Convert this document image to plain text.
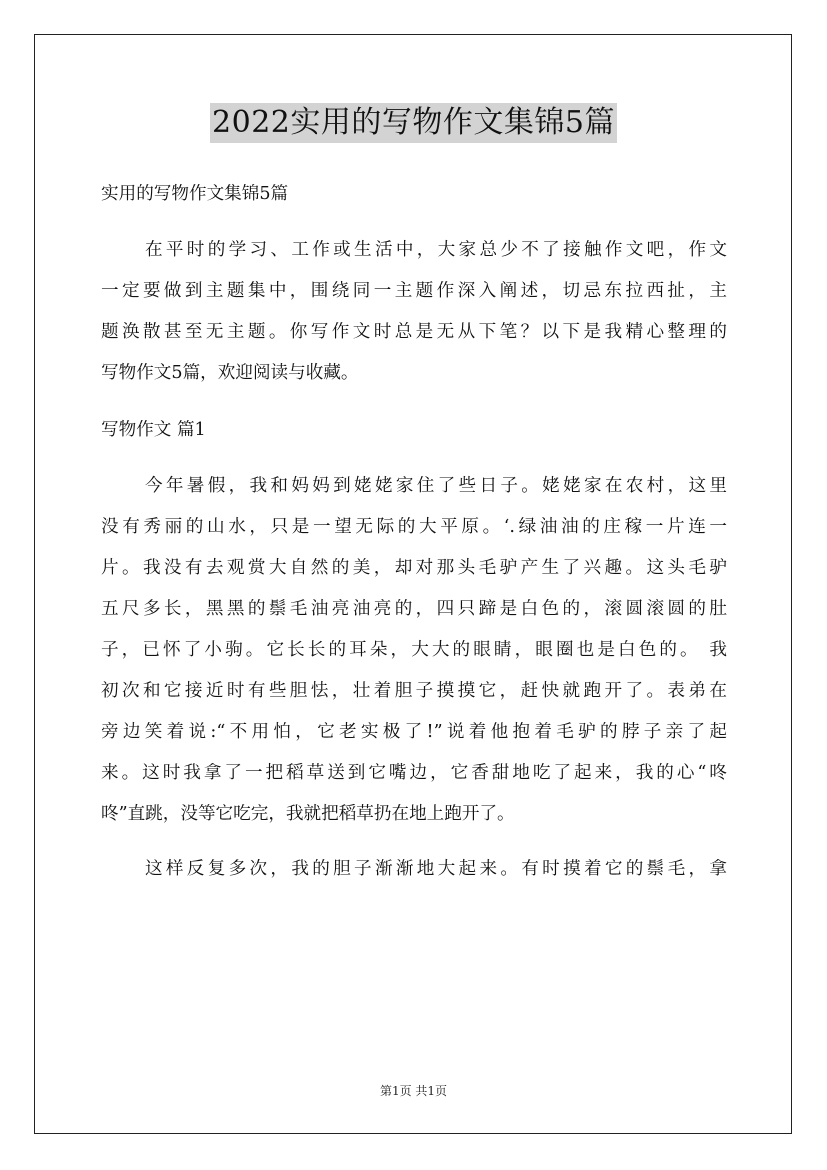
2022实用的写物作文集锦5篇
实用的写物作文集锦5篇
在平时的学习、工作或生活中，大家总少不了接触作文吧，作文
一定要做到主题集中，围绕同一主题作深入阐述，切忌东拉西扯，主
题涣散甚至无主题。你写作文时总是无从下笔？以下是我精心整理的
写物作文5篇，欢迎阅读与收藏。
写物作文 篇1
今年暑假，我和妈妈到姥姥家住了些日子。姥姥家在农村，这里
没有秀丽的山水，只是一望无际的大平原。‘.绿油油的庄稼一片连一
片。我没有去观赏大自然的美，却对那头毛驴产生了兴趣。这头毛驴
五尺多长，黑黑的鬃毛油亮油亮的，四只蹄是白色的，滚圆滚圆的肚
子，已怀了小驹。它长长的耳朵，大大的眼睛，眼圈也是白色的。 我
初次和它接近时有些胆怯，壮着胆子摸摸它，赶快就跑开了。表弟在
旁边笑着说:“不用怕，它老实极了!”说着他抱着毛驴的脖子亲了起
来。这时我拿了一把稻草送到它嘴边，它香甜地吃了起来，我的心“咚
咚”直跳，没等它吃完，我就把稻草扔在地上跑开了。
这样反复多次，我的胆子渐渐地大起来。有时摸着它的鬃毛，拿
第1页 共1页
